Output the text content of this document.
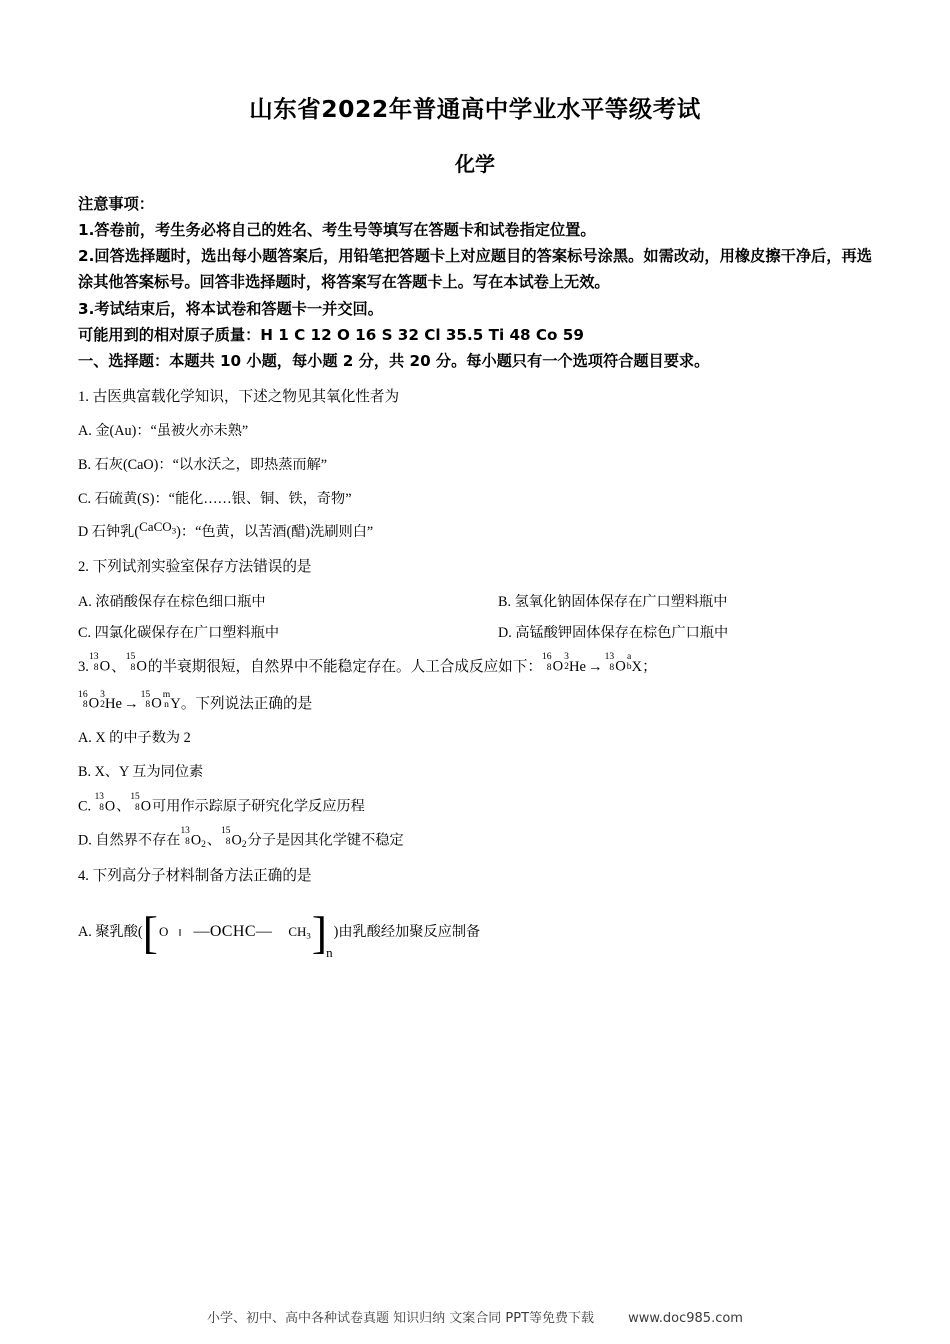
山东省2022年普通高中学业水平等级考试
化学

注意事项：

1.答卷前，考生务必将自己的姓名、考生号等填写在答题卡和试卷指定位置。

2.回答选择题时，选出每小题答案后，用铅笔把答题卡上对应题目的答案标号涂黑。如需改动，用橡皮擦干净后，再选涂其他答案标号。回答非选择题时，将答案写在答题卡上。写在本试卷上无效。

3.考试结束后，将本试卷和答题卡一并交回。

可能用到的相对原子质量：H 1 C 12 O 16 S 32 Cl 35.5 Ti 48 Co 59

一、选择题：本题共 10 小题，每小题 2 分，共 20 分。每小题只有一个选项符合题目要求。

1. 古医典富载化学知识，下述之物见其氧化性者为

A. 金(Au)：“虽被火亦未熟”

B. 石灰(CaO)：“以水沃之，即热蒸而解”

C. 石硫黄(S)：“能化……银、铜、铁，奇物”

D 石钟乳(CaCO$_3$)：“色黄，以苦酒(醋)洗刷则白”

2. 下列试剂实验室保存方法错误的是

A. 浓硝酸保存在棕色细口瓶中	B. 氢氧化钠固体保存在广口塑料瓶中
C. 四氯化碳保存在广口塑料瓶中	D. 高锰酸钾固体保存在棕色广口瓶中

3.
13
8 O、
15
8 O的半衰期很短，自然界中不能稳定存在。人工合成反应如下：
16
8 O
3
2 He →
13
8 O
a
b X；

16
8 O
3
2 He →
15
8 O
m
n Y。下列说法正确的是

A. X 的中子数为 2

B. X、Y 互为同位素

C.
13
8 O、
15
8 O可用作示踪原子研究化学反应历程

D. 自然界不存在
13
8 $O_2$、
15
8 $O_2$分子是因其化学键不稳定

4. 下列高分子材料制备方法正确的是

A. 聚乳酸( [ O ‖ —OCHC— $CH_3$ ] n
)由乳酸经加聚反应制备

小学、初中、高中各种试卷真题 知识归纳 文案合同 PPT等免费下载	www.doc985.com
